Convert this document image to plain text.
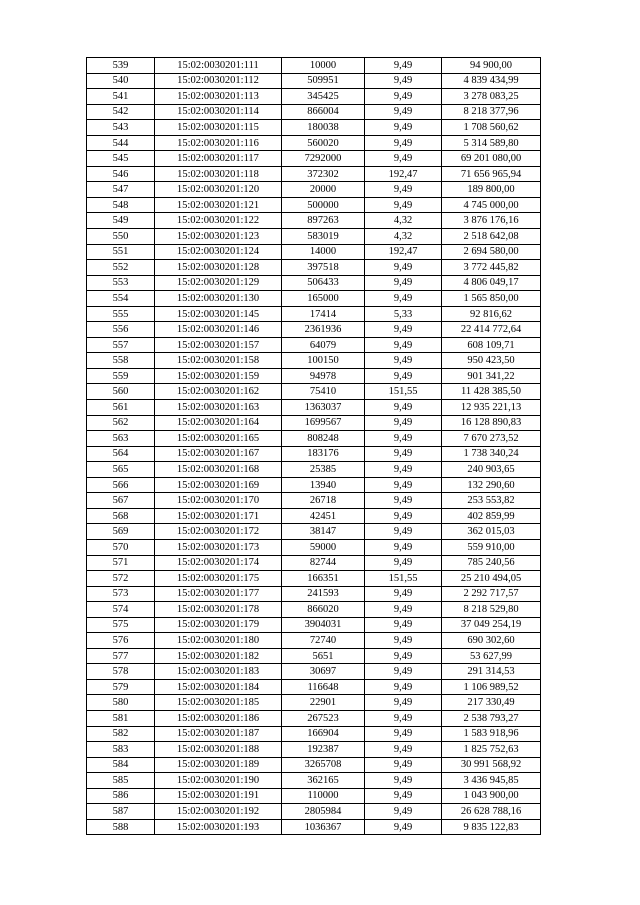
539	15:02:0030201:111	10000	9,49	94 900,00
540	15:02:0030201:112	509951	9,49	4 839 434,99
541	15:02:0030201:113	345425	9,49	3 278 083,25
542	15:02:0030201:114	866004	9,49	8 218 377,96
543	15:02:0030201:115	180038	9,49	1 708 560,62
544	15:02:0030201:116	560020	9,49	5 314 589,80
545	15:02:0030201:117	7292000	9,49	69 201 080,00
546	15:02:0030201:118	372302	192,47	71 656 965,94
547	15:02:0030201:120	20000	9,49	189 800,00
548	15:02:0030201:121	500000	9,49	4 745 000,00
549	15:02:0030201:122	897263	4,32	3 876 176,16
550	15:02:0030201:123	583019	4,32	2 518 642,08
551	15:02:0030201:124	14000	192,47	2 694 580,00
552	15:02:0030201:128	397518	9,49	3 772 445,82
553	15:02:0030201:129	506433	9,49	4 806 049,17
554	15:02:0030201:130	165000	9,49	1 565 850,00
555	15:02:0030201:145	17414	5,33	92 816,62
556	15:02:0030201:146	2361936	9,49	22 414 772,64
557	15:02:0030201:157	64079	9,49	608 109,71
558	15:02:0030201:158	100150	9,49	950 423,50
559	15:02:0030201:159	94978	9,49	901 341,22
560	15:02:0030201:162	75410	151,55	11 428 385,50
561	15:02:0030201:163	1363037	9,49	12 935 221,13
562	15:02:0030201:164	1699567	9,49	16 128 890,83
563	15:02:0030201:165	808248	9,49	7 670 273,52
564	15:02:0030201:167	183176	9,49	1 738 340,24
565	15:02:0030201:168	25385	9,49	240 903,65
566	15:02:0030201:169	13940	9,49	132 290,60
567	15:02:0030201:170	26718	9,49	253 553,82
568	15:02:0030201:171	42451	9,49	402 859,99
569	15:02:0030201:172	38147	9,49	362 015,03
570	15:02:0030201:173	59000	9,49	559 910,00
571	15:02:0030201:174	82744	9,49	785 240,56
572	15:02:0030201:175	166351	151,55	25 210 494,05
573	15:02:0030201:177	241593	9,49	2 292 717,57
574	15:02:0030201:178	866020	9,49	8 218 529,80
575	15:02:0030201:179	3904031	9,49	37 049 254,19
576	15:02:0030201:180	72740	9,49	690 302,60
577	15:02:0030201:182	5651	9,49	53 627,99
578	15:02:0030201:183	30697	9,49	291 314,53
579	15:02:0030201:184	116648	9,49	1 106 989,52
580	15:02:0030201:185	22901	9,49	217 330,49
581	15:02:0030201:186	267523	9,49	2 538 793,27
582	15:02:0030201:187	166904	9,49	1 583 918,96
583	15:02:0030201:188	192387	9,49	1 825 752,63
584	15:02:0030201:189	3265708	9,49	30 991 568,92
585	15:02:0030201:190	362165	9,49	3 436 945,85
586	15:02:0030201:191	110000	9,49	1 043 900,00
587	15:02:0030201:192	2805984	9,49	26 628 788,16
588	15:02:0030201:193	1036367	9,49	9 835 122,83
